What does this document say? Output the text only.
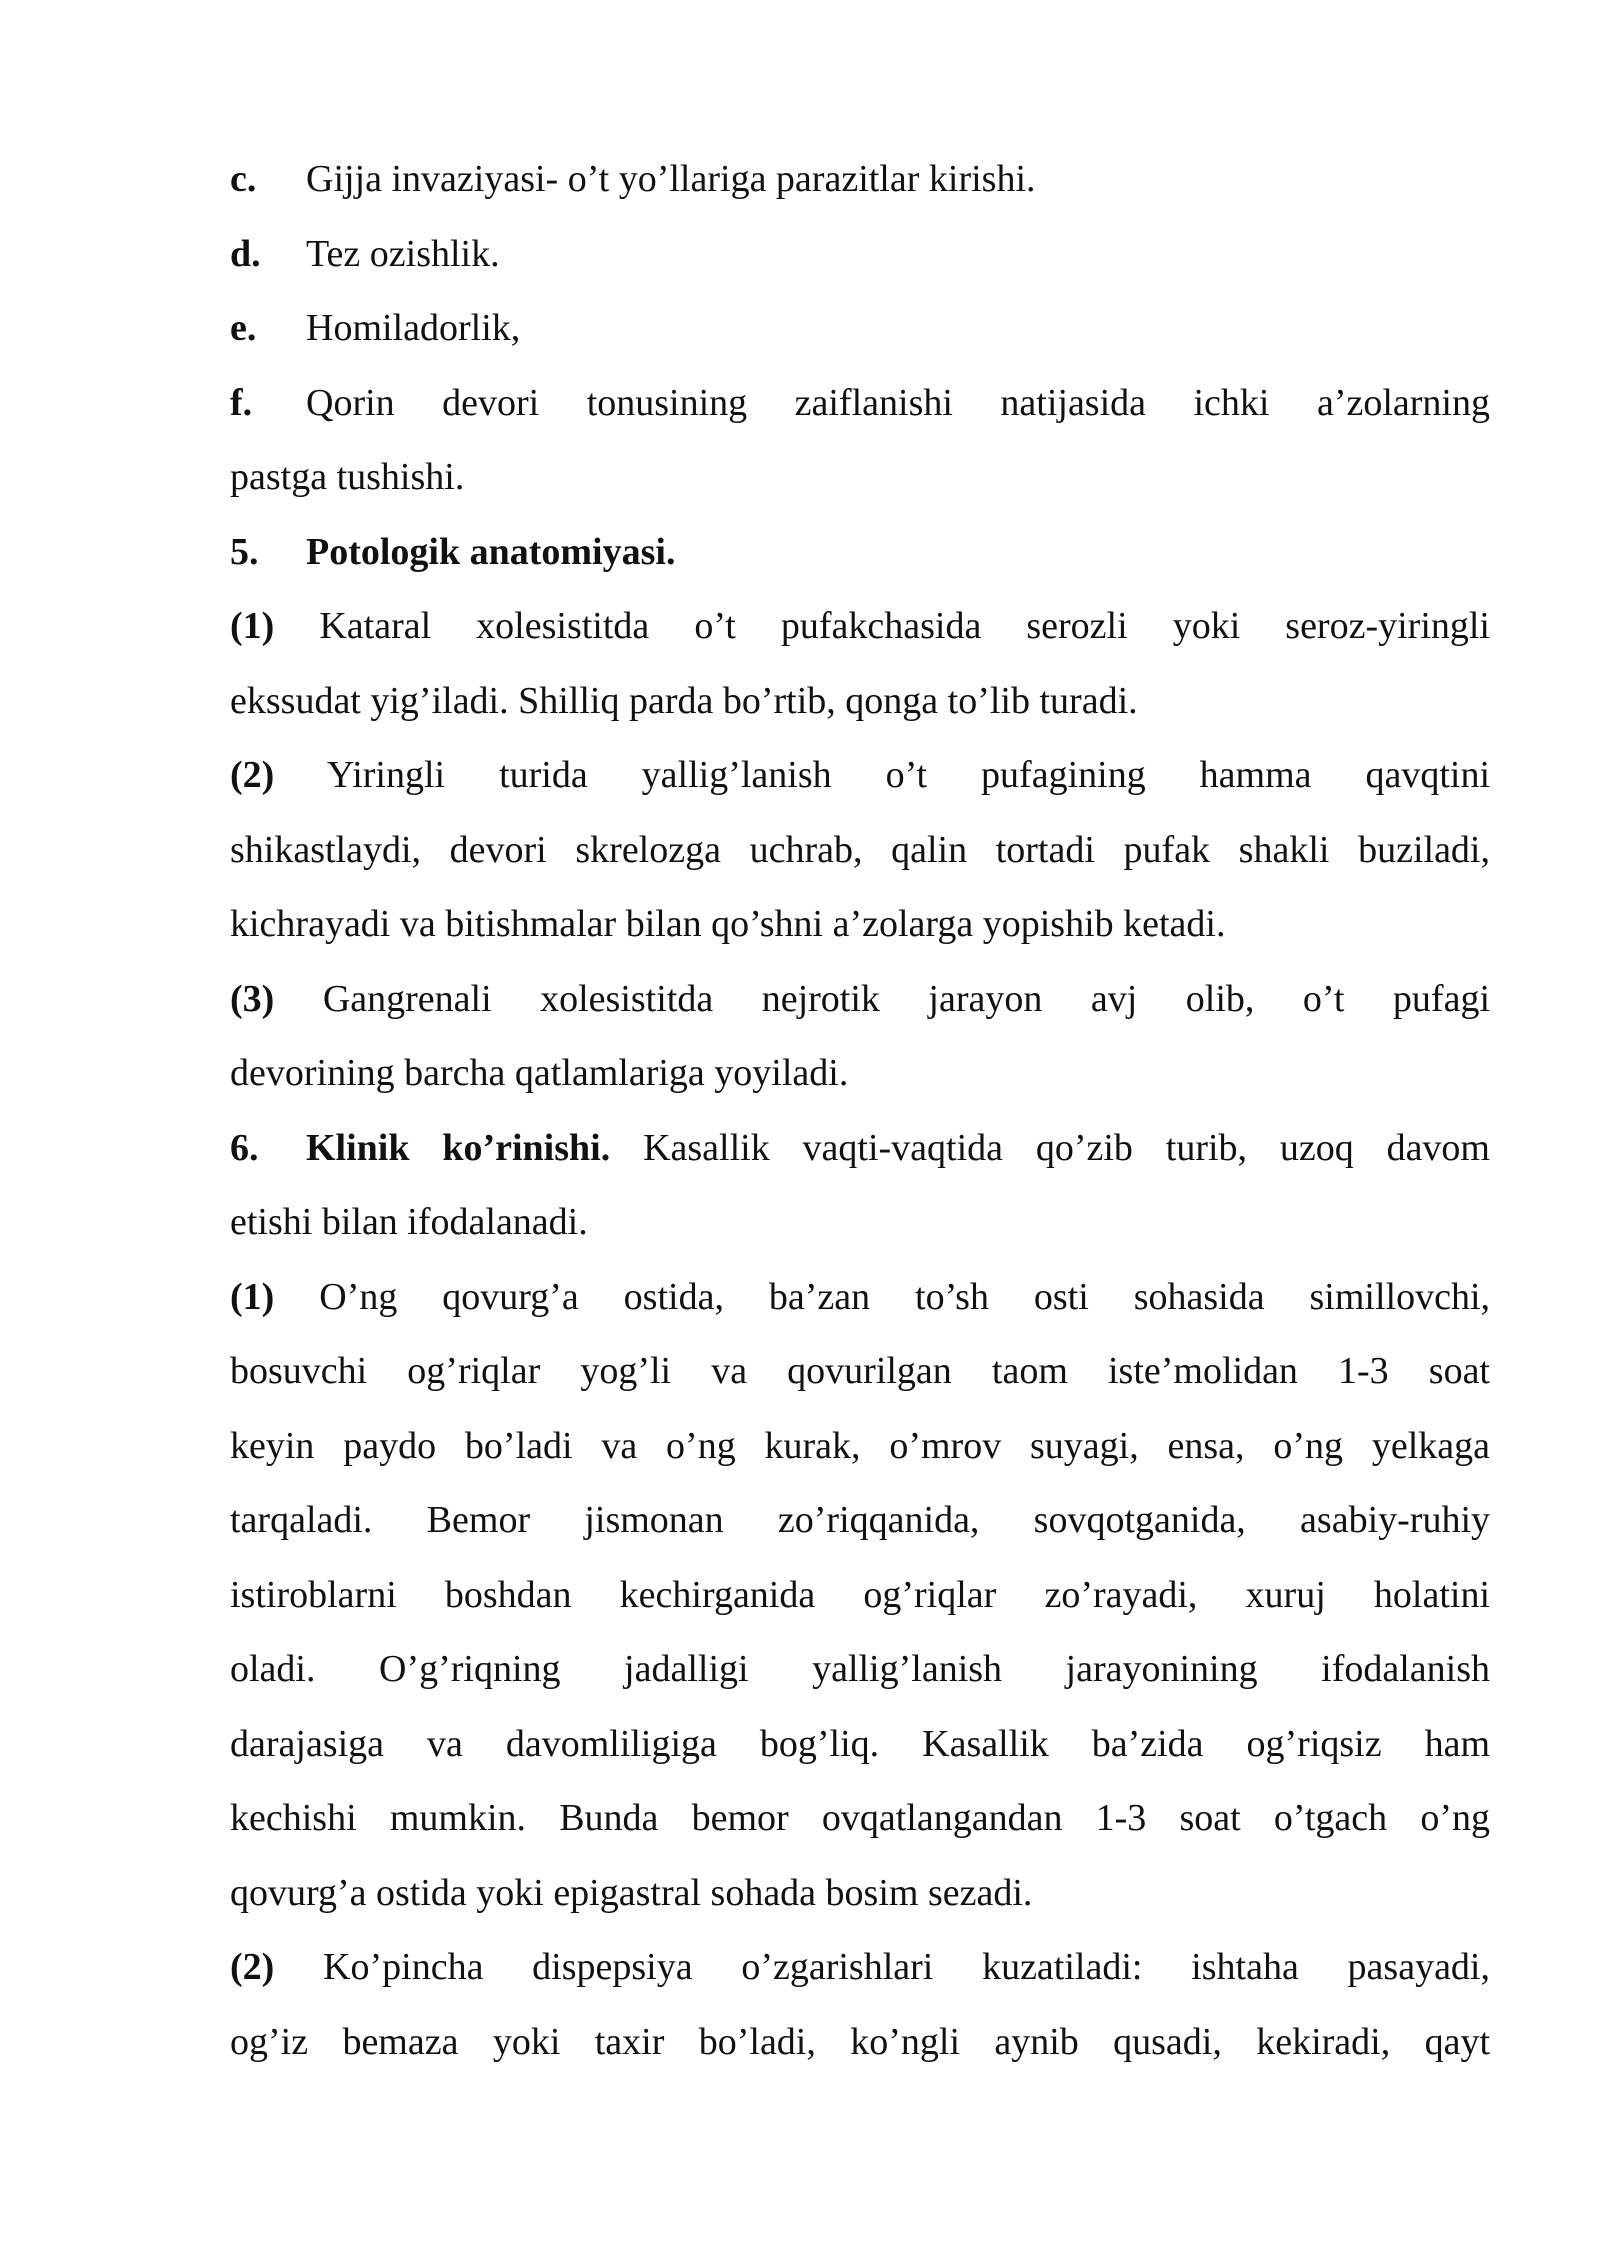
c. Gijja invaziyasi- o’t yo’llariga parazitlar kirishi.
d. Tez ozishlik.
e. Homiladorlik,
f. Qorin devori tonusining zaiflanishi natijasida ichki a’zolarning
pastga tushishi.
5. Potologik anatomiyasi.
(1) Kataral xolesistitda o’t pufakchasida serozli yoki seroz-yiringli
ekssudat yig’iladi. Shilliq parda bo’rtib, qonga to’lib turadi.
(2) Yiringli turida yallig’lanish o’t pufagining hamma qavqtini
shikastlaydi, devori skrelozga uchrab, qalin tortadi pufak shakli buziladi,
kichrayadi va bitishmalar bilan qo’shni a’zolarga yopishib ketadi.
(3) Gangrenali xolesistitda nejrotik jarayon avj olib, o’t pufagi
devorining barcha qatlamlariga yoyiladi.
6. Klinik ko’rinishi. Kasallik vaqti-vaqtida qo’zib turib, uzoq davom
etishi bilan ifodalanadi.
(1) O’ng qovurg’a ostida, ba’zan to’sh osti sohasida simillovchi,
bosuvchi og’riqlar yog’li va qovurilgan taom iste’molidan 1-3 soat
keyin paydo bo’ladi va o’ng kurak, o’mrov suyagi, ensa, o’ng yelkaga
tarqaladi. Bemor jismonan zo’riqqanida, sovqotganida, asabiy-ruhiy
istiroblarni boshdan kechirganida og’riqlar zo’rayadi, xuruj holatini
oladi. O’g’riqning jadalligi yallig’lanish jarayonining ifodalanish
darajasiga va davomliligiga bog’liq. Kasallik ba’zida og’riqsiz ham
kechishi mumkin. Bunda bemor ovqatlangandan 1-3 soat o’tgach o’ng
qovurg’a ostida yoki epigastral sohada bosim sezadi.
(2) Ko’pincha dispepsiya o’zgarishlari kuzatiladi: ishtaha pasayadi,
og’iz bemaza yoki taxir bo’ladi, ko’ngli aynib qusadi, kekiradi, qayt
